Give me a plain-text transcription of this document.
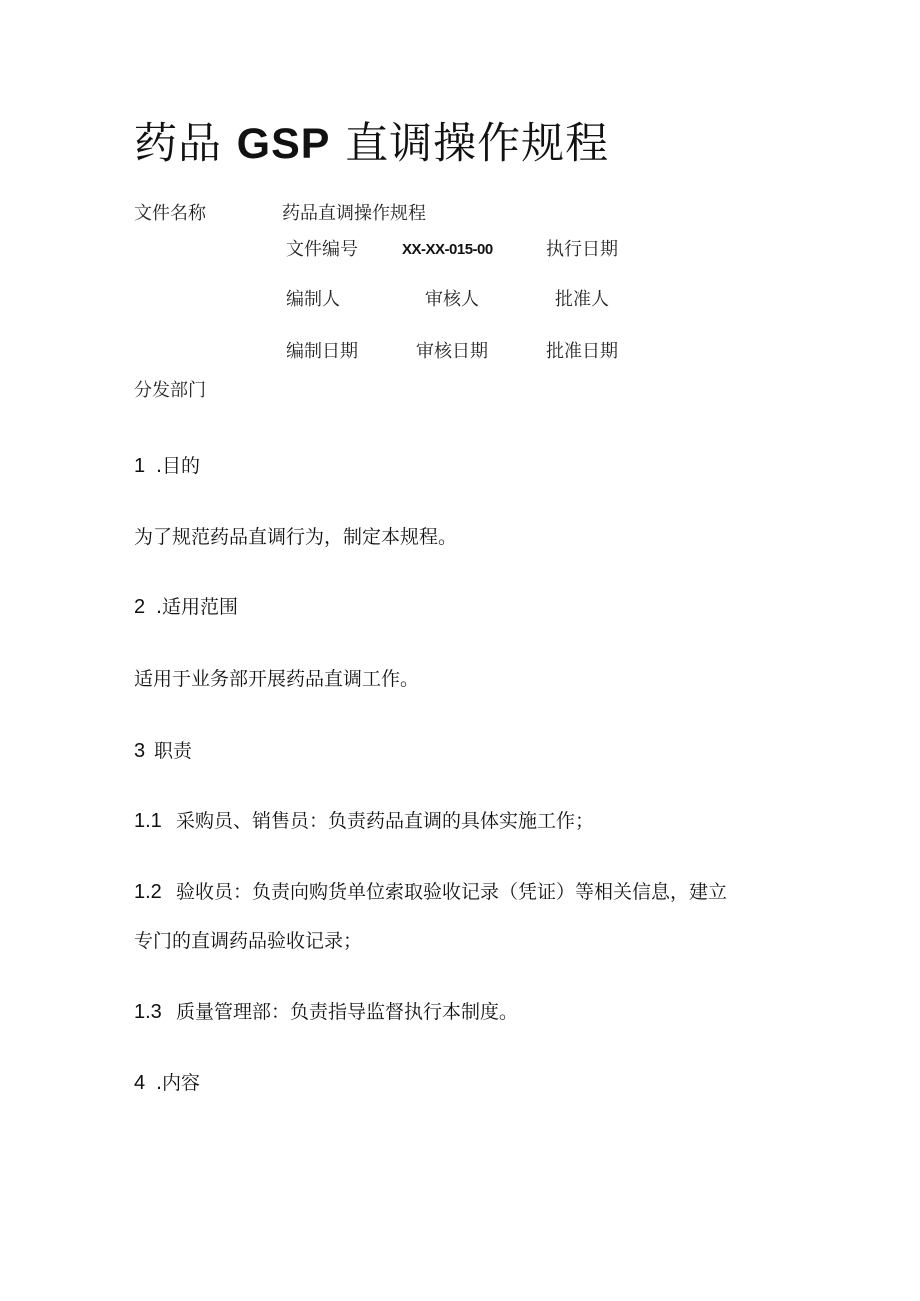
药品 GSP 直调操作规程
文件名称	药品直调操作规程
文件编号	XX-XX-015-00	执行日期
编制人	审核人	批准人
编制日期	审核日期	批准日期
分发部门
1 .目的
为了规范药品直调行为，制定本规程。
2 .适用范围
适用于业务部开展药品直调工作。
3 职责
1.1 采购员、销售员：负责药品直调的具体实施工作；
1.2 验收员：负责向购货单位索取验收记录（凭证）等相关信息，建立
专门的直调药品验收记录；
1.3 质量管理部：负责指导监督执行本制度。
4 .内容
